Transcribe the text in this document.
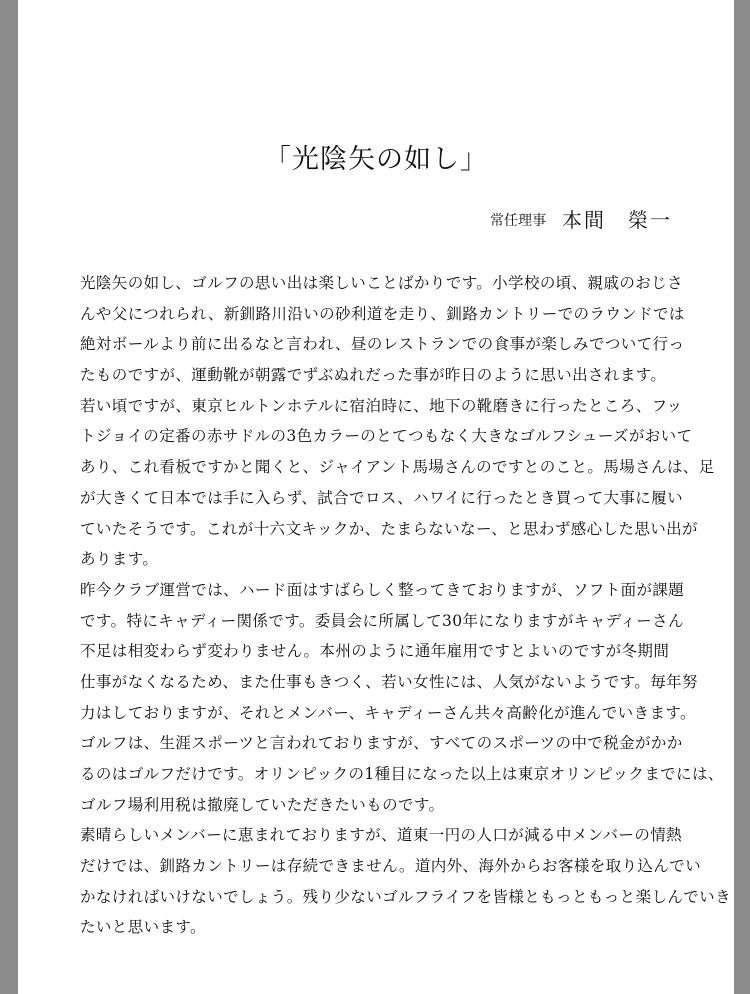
「光陰矢の如し」
常任理事 本間　榮一
光陰矢の如し、ゴルフの思い出は楽しいことばかりです。小学校の頃、親戚のおじさ
んや父につれられ、新釧路川沿いの砂利道を走り、釧路カントリーでのラウンドでは
絶対ボールより前に出るなと言われ、昼のレストランでの食事が楽しみでついて行っ
たものですが、運動靴が朝露でずぶぬれだった事が昨日のように思い出されます。
若い頃ですが、東京ヒルトンホテルに宿泊時に、地下の靴磨きに行ったところ、フッ
トジョイの定番の赤サドルの3色カラーのとてつもなく大きなゴルフシューズがおいて
あり、これ看板ですかと聞くと、ジャイアント馬場さんのですとのこと。馬場さんは、足
が大きくて日本では手に入らず、試合でロス、ハワイに行ったとき買って大事に履い
ていたそうです。これが十六文キックか、たまらないなー、と思わず感心した思い出が
あります。
昨今クラブ運営では、ハード面はすばらしく整ってきておりますが、ソフト面が課題
です。特にキャディー関係です。委員会に所属して30年になりますがキャディーさん
不足は相変わらず変わりません。本州のように通年雇用ですとよいのですが冬期間
仕事がなくなるため、また仕事もきつく、若い女性には、人気がないようです。毎年努
力はしておりますが、それとメンバー、キャディーさん共々高齢化が進んでいきます。
ゴルフは、生涯スポーツと言われておりますが、すべてのスポーツの中で税金がかか
るのはゴルフだけです。オリンピックの1種目になった以上は東京オリンピックまでには、
ゴルフ場利用税は撤廃していただきたいものです。
素晴らしいメンバーに恵まれておりますが、道東一円の人口が減る中メンバーの情熱
だけでは、釧路カントリーは存続できません。道内外、海外からお客様を取り込んでい
かなければいけないでしょう。残り少ないゴルフライフを皆様ともっともっと楽しんでいき
たいと思います。
